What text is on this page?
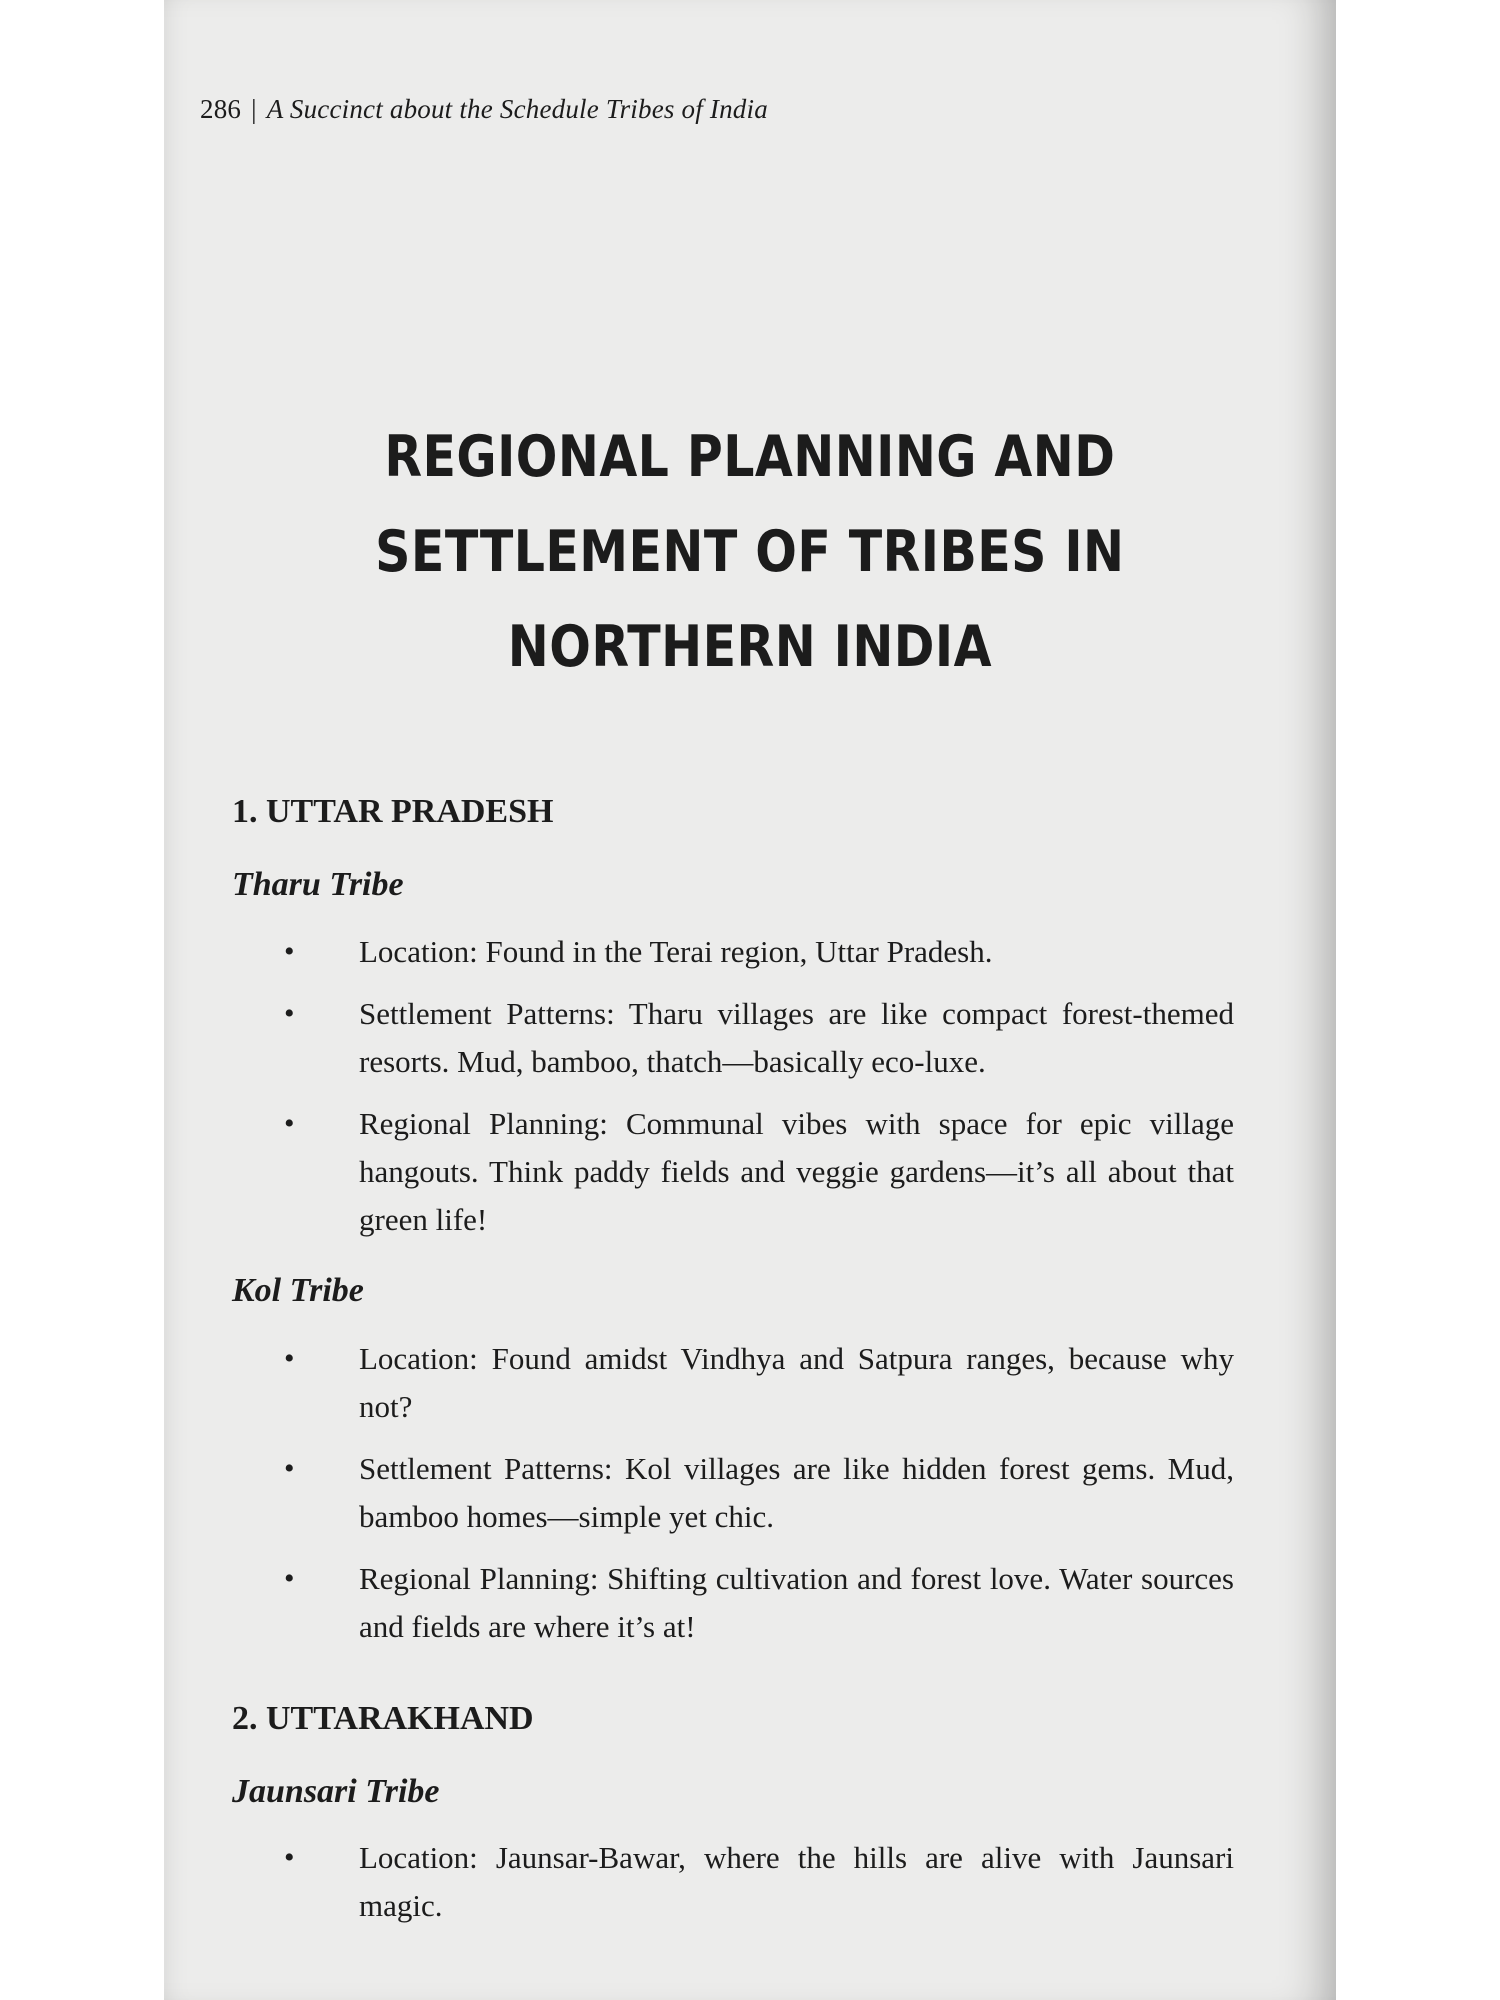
286 | A Succinct about the Schedule Tribes of India
REGIONAL PLANNING AND
SETTLEMENT OF TRIBES IN
NORTHERN INDIA
1. UTTAR PRADESH
Tharu Tribe
• Location: Found in the Terai region, Uttar Pradesh.
• Settlement Patterns: Tharu villages are like compact forest-themed resorts. Mud, bamboo, thatch—basically eco-luxe.
• Regional Planning: Communal vibes with space for epic village hangouts. Think paddy fields and veggie gardens—it’s all about that green life!
Kol Tribe
• Location: Found amidst Vindhya and Satpura ranges, because why not?
• Settlement Patterns: Kol villages are like hidden forest gems. Mud, bamboo homes—simple yet chic.
• Regional Planning: Shifting cultivation and forest love. Water sources and fields are where it’s at!
2. UTTARAKHAND
Jaunsari Tribe
• Location: Jaunsar-Bawar, where the hills are alive with Jaunsari magic.
